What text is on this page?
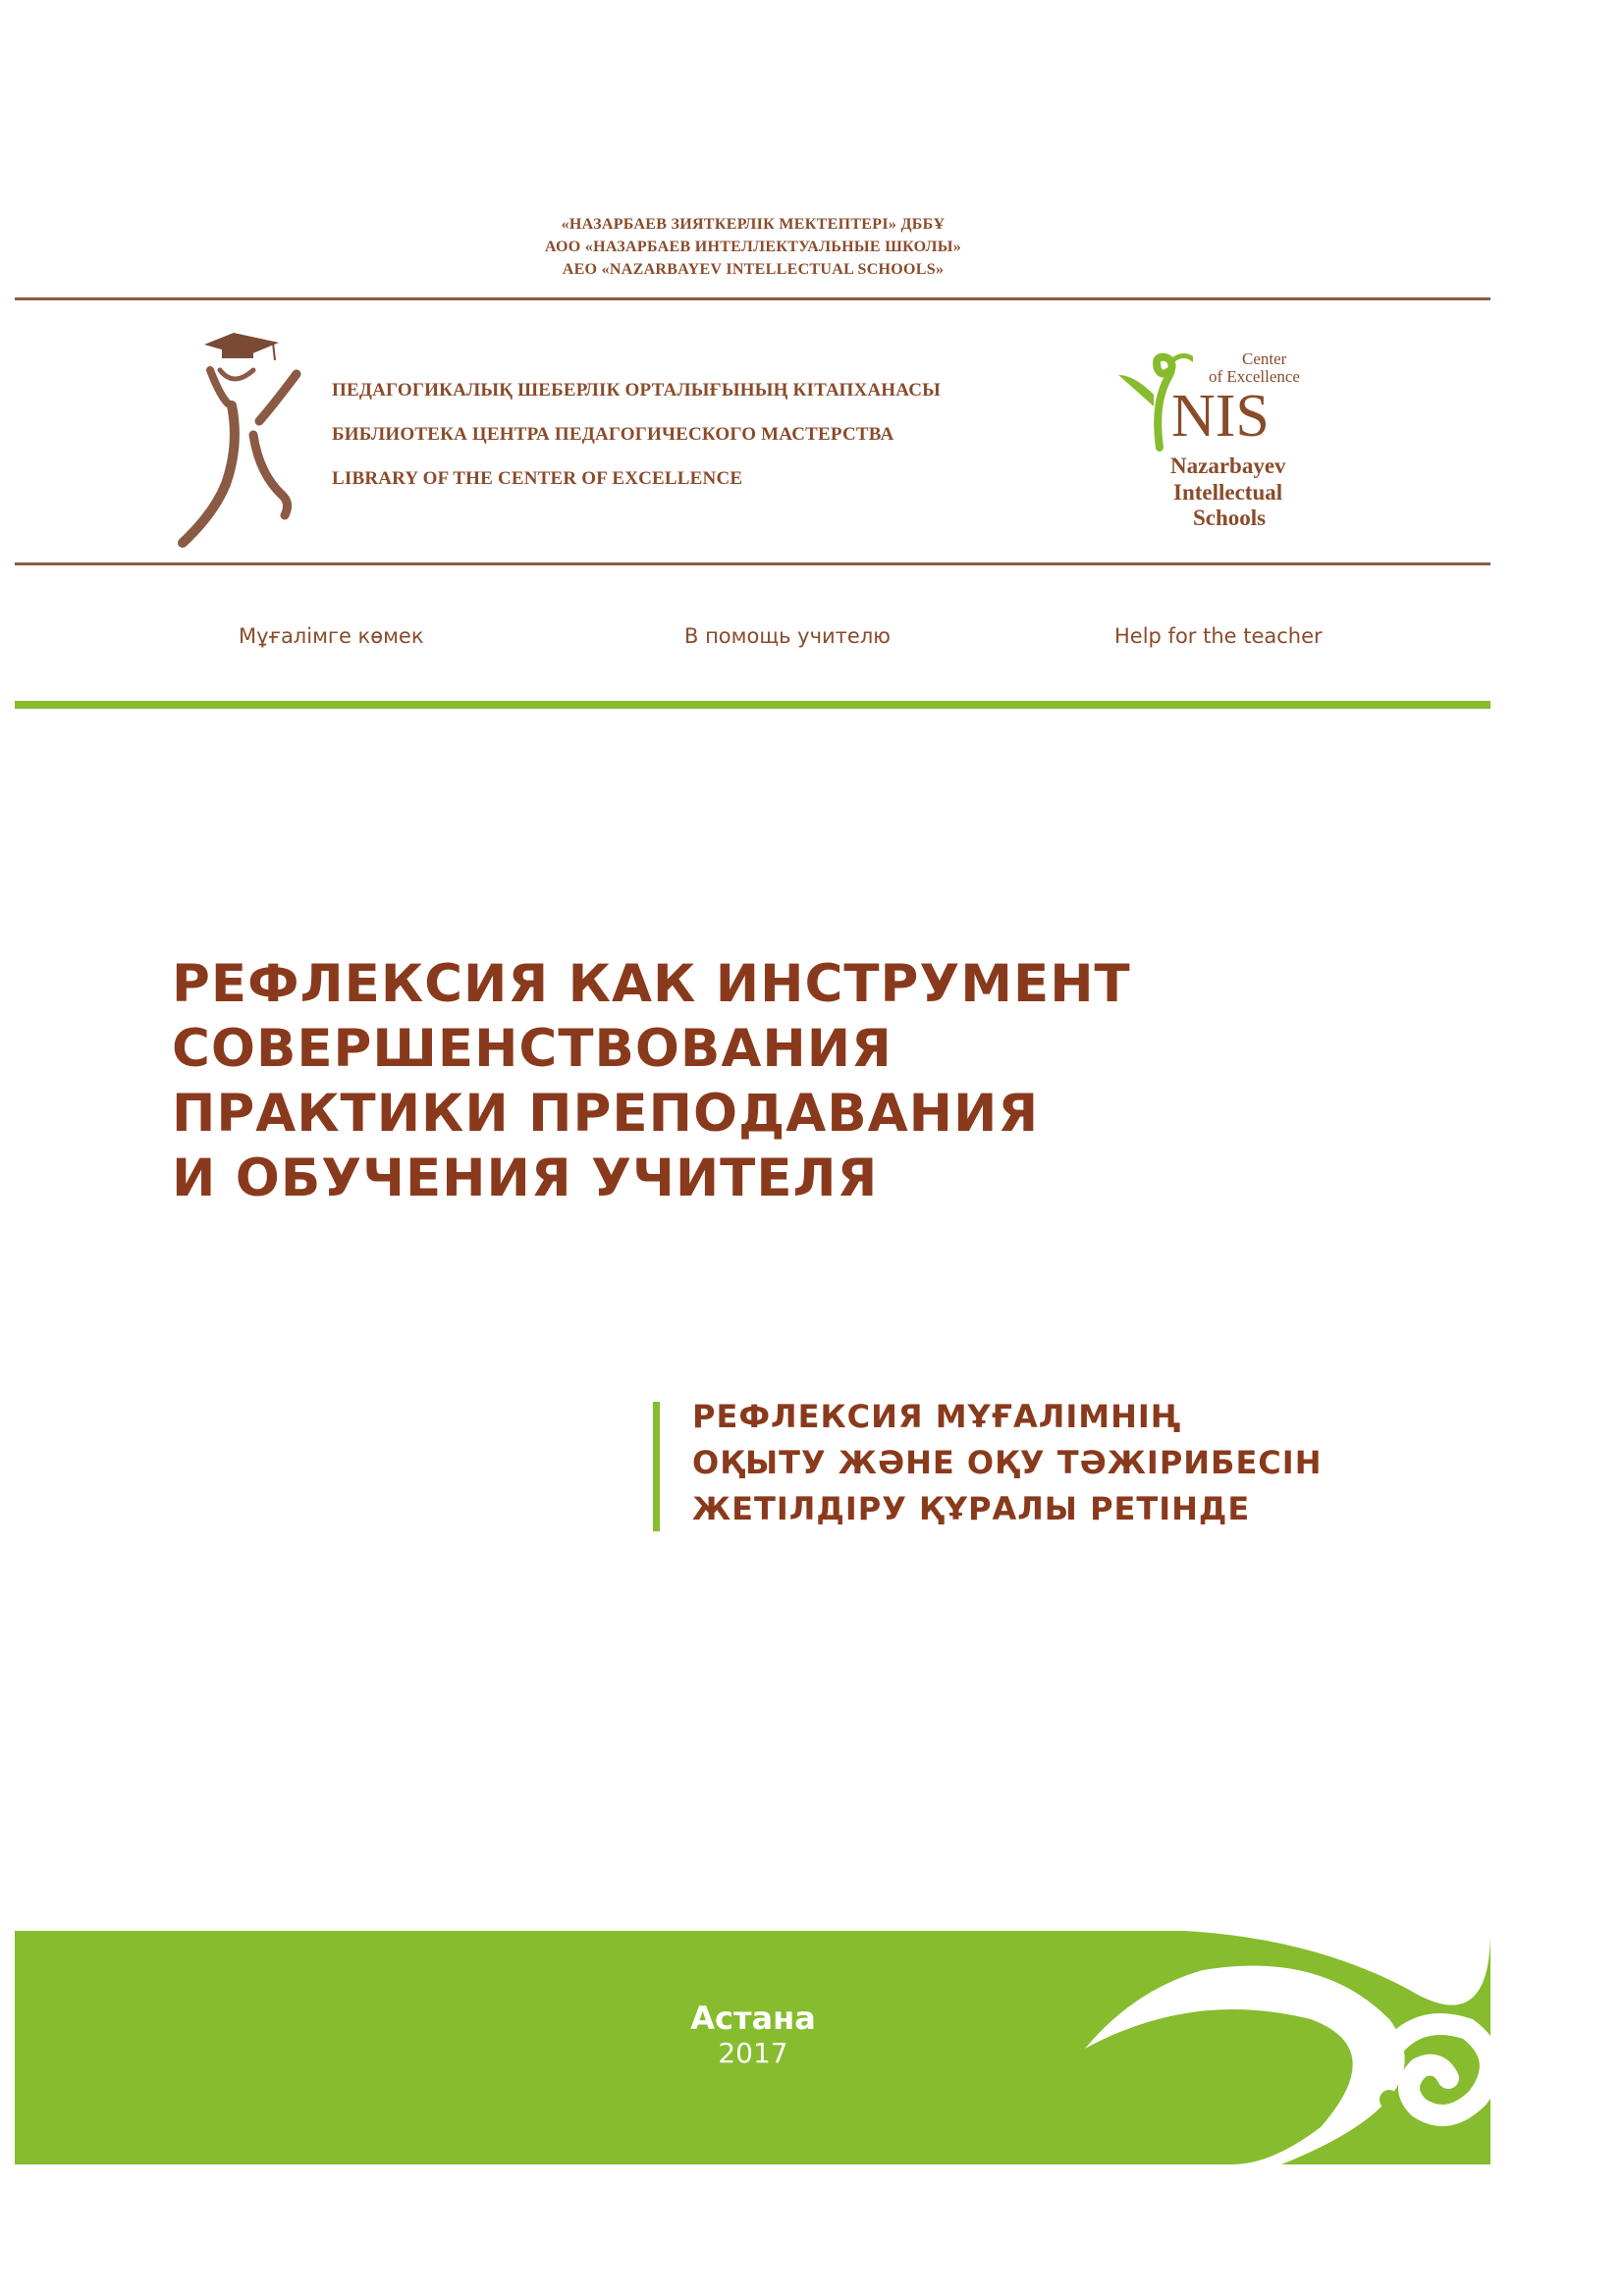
«НАЗАРБАЕВ ЗИЯТКЕРЛІК МЕКТЕПТЕРІ» ДББҰ
АОО «НАЗАРБАЕВ ИНТЕЛЛЕКТУАЛЬНЫЕ ШКОЛЫ»
АЕО «NAZARBAYEV INTELLECTUAL SCHOOLS»
ПЕДАГОГИКАЛЫҚ ШЕБЕРЛІК ОРТАЛЫҒЫНЫҢ КІТАПХАНАСЫ
БИБЛИОТЕКА ЦЕНТРА ПЕДАГОГИЧЕСКОГО МАСТЕРСТВА
LIBRARY OF THE CENTER OF EXCELLENCE
Center
of Excellence
NIS
Nazarbayev
Intellectual
Schools
Мұғалімге көмек	В помощь учителю	Help for the teacher
РЕФЛЕКСИЯ КАК ИНСТРУМЕНТ
СОВЕРШЕНСТВОВАНИЯ
ПРАКТИКИ ПРЕПОДАВАНИЯ
И ОБУЧЕНИЯ УЧИТЕЛЯ
РЕФЛЕКСИЯ МҰҒАЛІМНІҢ
ОҚЫТУ ЖӘНЕ ОҚУ ТӘЖІРИБЕСІН
ЖЕТІЛДІРУ ҚҰРАЛЫ РЕТІНДЕ
Астана
2017
